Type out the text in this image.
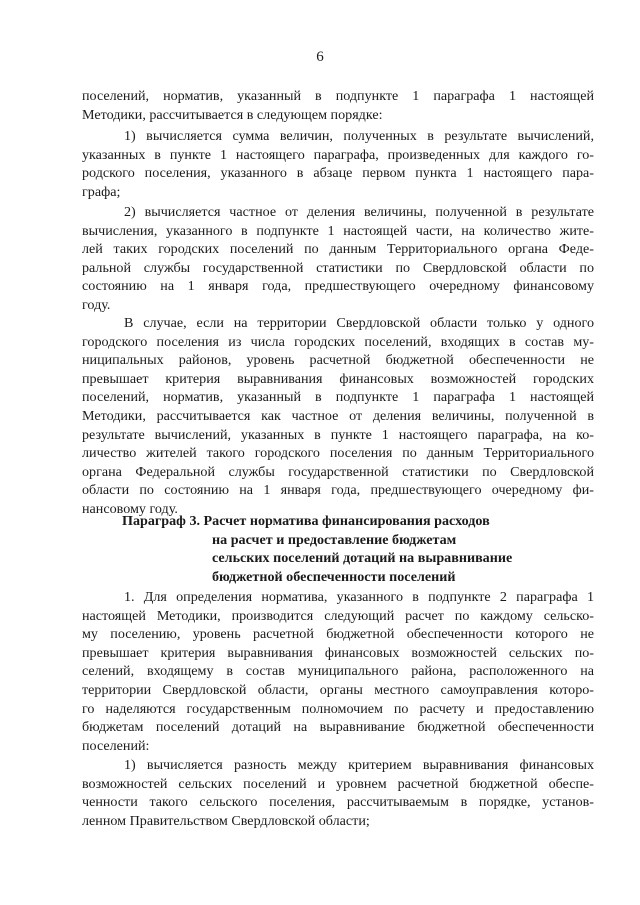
6
поселений, норматив, указанный в подпункте 1 параграфа 1 настоящей
Методики, рассчитывается в следующем порядке:
1) вычисляется сумма величин, полученных в результате вычислений,
указанных в пункте 1 настоящего параграфа, произведенных для каждого го-
родского поселения, указанного в абзаце первом пункта 1 настоящего пара-
графа;
2) вычисляется частное от деления величины, полученной в результате
вычисления, указанного в подпункте 1 настоящей части, на количество жите-
лей таких городских поселений по данным Территориального органа Феде-
ральной службы государственной статистики по Свердловской области по
состоянию на 1 января года, предшествующего очередному финансовому
году.
В случае, если на территории Свердловской области только у одного
городского поселения из числа городских поселений, входящих в состав му-
ниципальных районов, уровень расчетной бюджетной обеспеченности не
превышает критерия выравнивания финансовых возможностей городских
поселений, норматив, указанный в подпункте 1 параграфа 1 настоящей
Методики, рассчитывается как частное от деления величины, полученной в
результате вычислений, указанных в пункте 1 настоящего параграфа, на ко-
личество жителей такого городского поселения по данным Территориального
органа Федеральной службы государственной статистики по Свердловской
области по состоянию на 1 января года, предшествующего очередному фи-
нансовому году.
Параграф 3. Расчет норматива финансирования расходов
на расчет и предоставление бюджетам
сельских поселений дотаций на выравнивание
бюджетной обеспеченности поселений
1. Для определения норматива, указанного в подпункте 2 параграфа 1
настоящей Методики, производится следующий расчет по каждому сельско-
му поселению, уровень расчетной бюджетной обеспеченности которого не
превышает критерия выравнивания финансовых возможностей сельских по-
селений, входящему в состав муниципального района, расположенного на
территории Свердловской области, органы местного самоуправления которо-
го наделяются государственным полномочием по расчету и предоставлению
бюджетам поселений дотаций на выравнивание бюджетной обеспеченности
поселений:
1) вычисляется разность между критерием выравнивания финансовых
возможностей сельских поселений и уровнем расчетной бюджетной обеспе-
ченности такого сельского поселения, рассчитываемым в порядке, установ-
ленном Правительством Свердловской области;
